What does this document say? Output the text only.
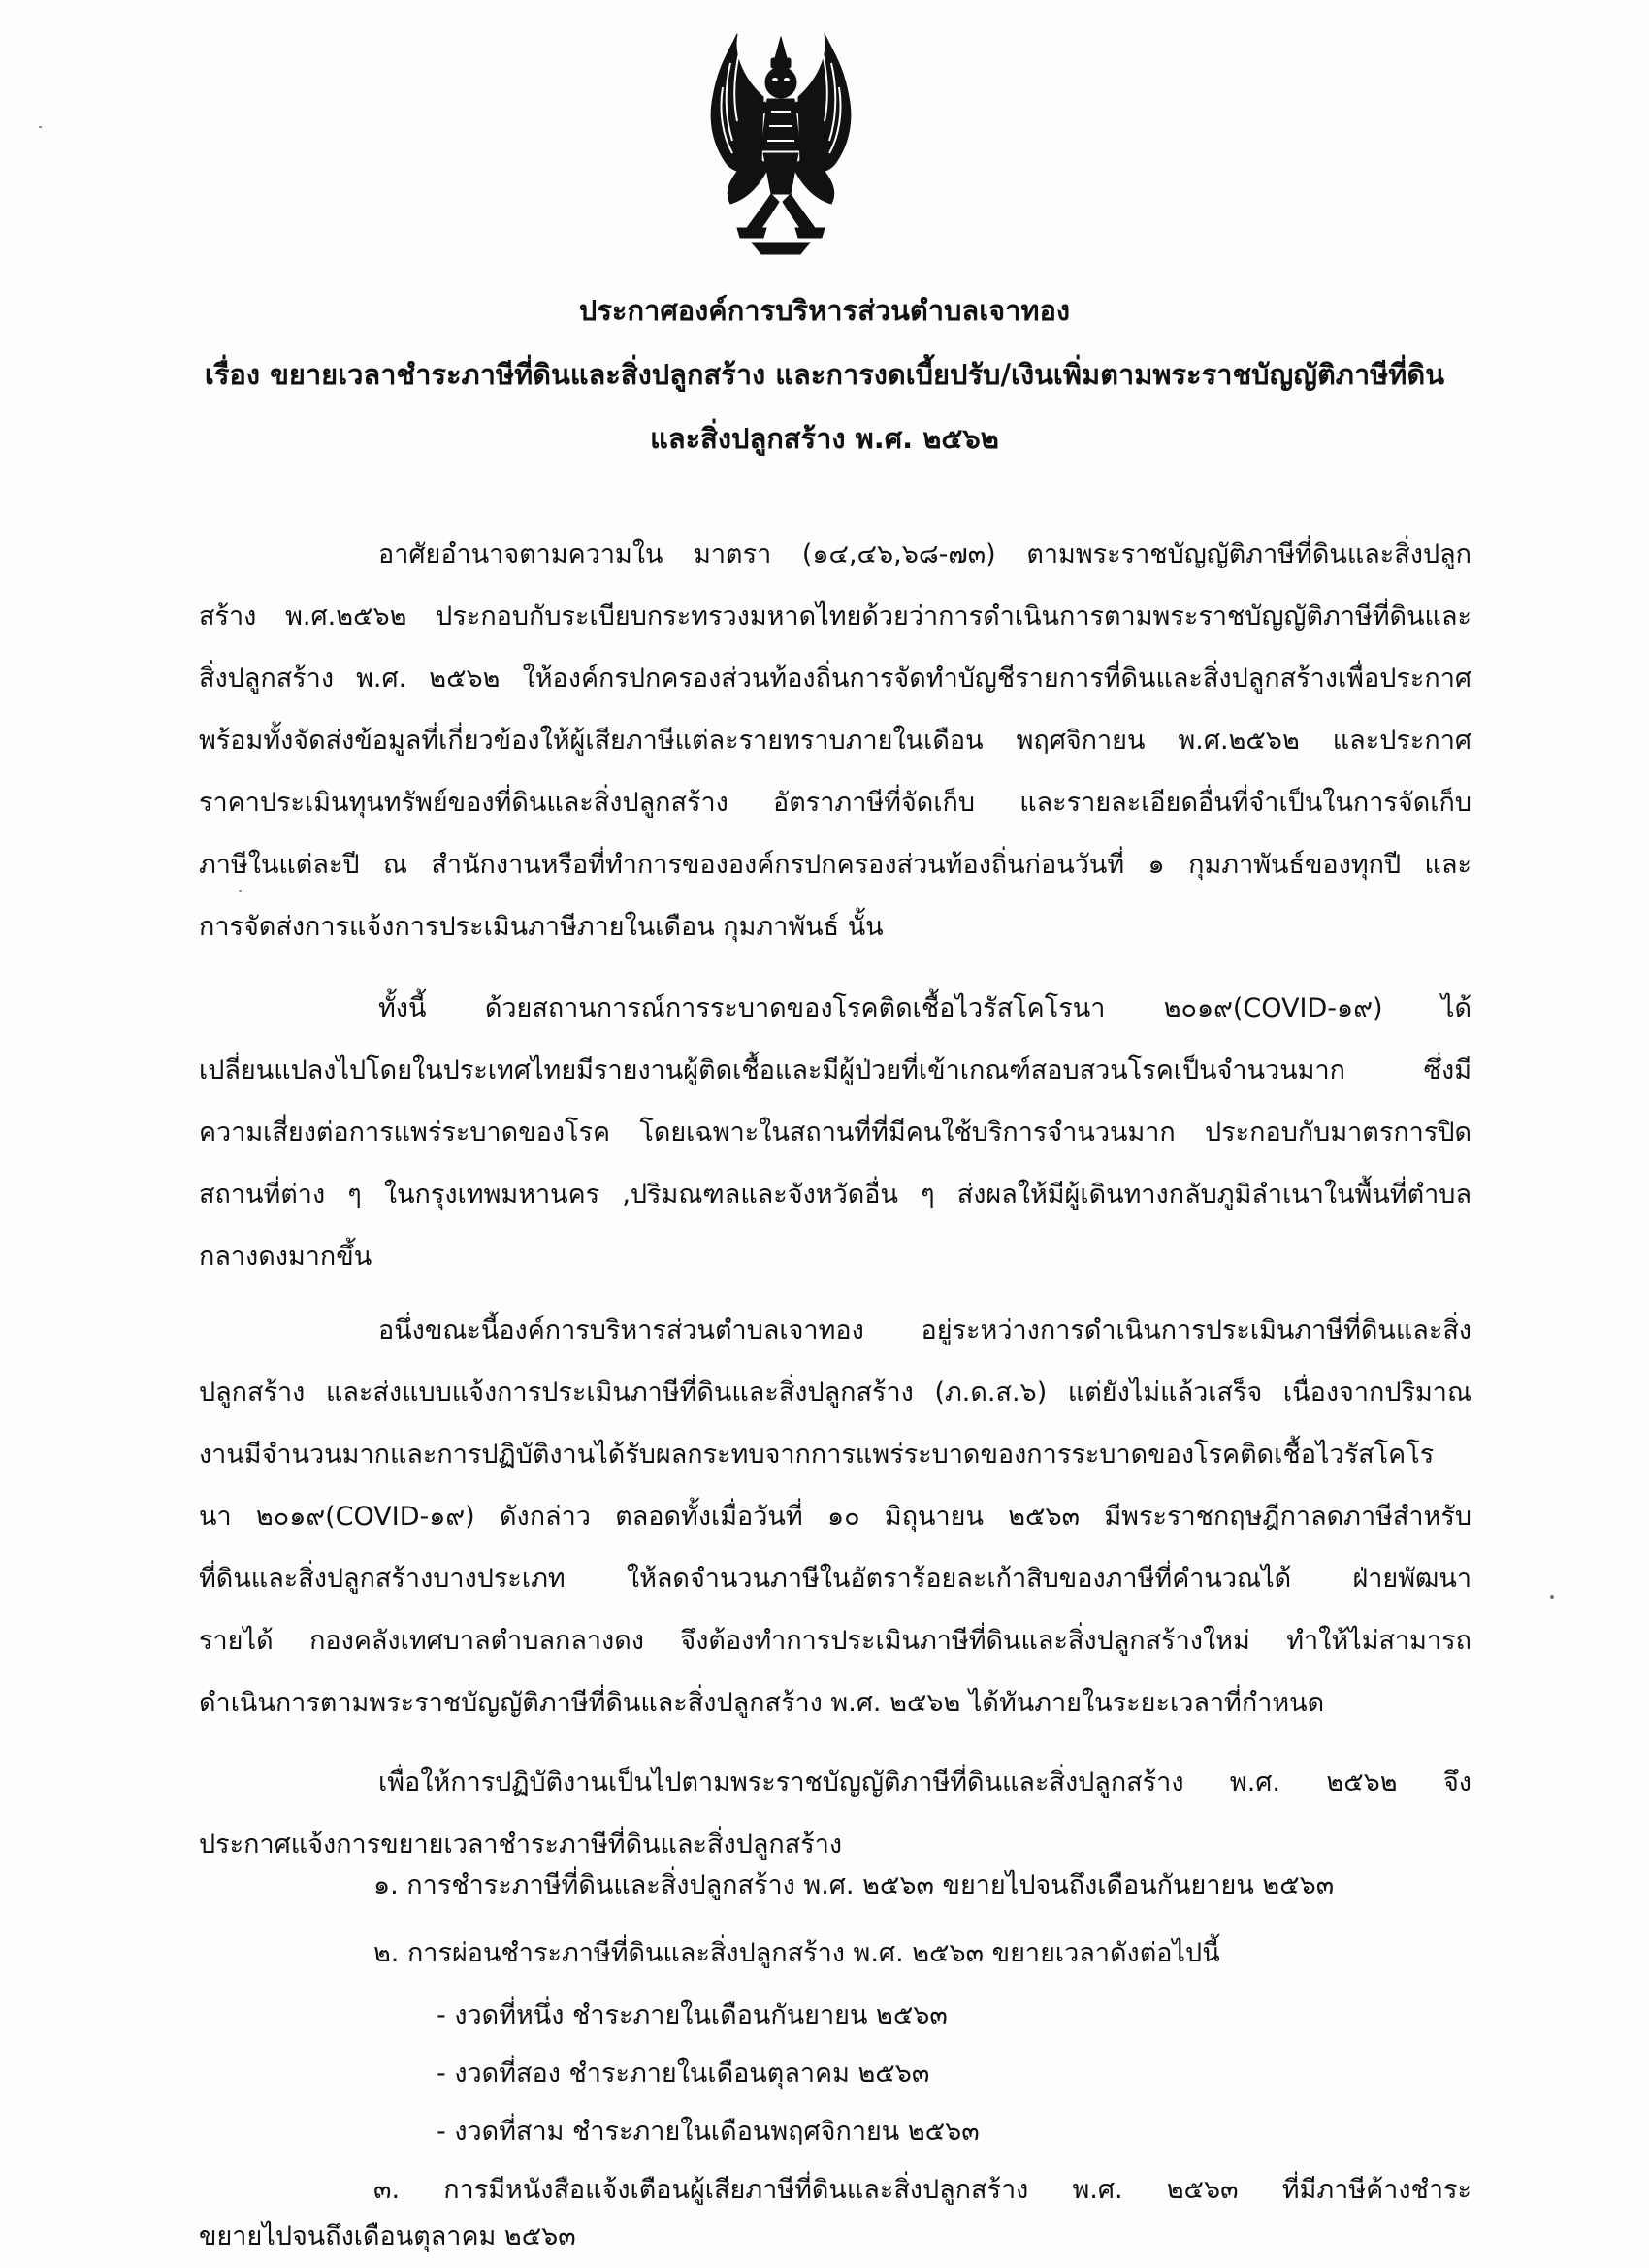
ประกาศองค์การบริหารส่วนตำบลเจาทอง
เรื่อง ขยายเวลาชำระภาษีที่ดินและสิ่งปลูกสร้าง และการงดเบี้ยปรับ/เงินเพิ่มตามพระราชบัญญัติภาษีที่ดิน
และสิ่งปลูกสร้าง พ.ศ. ๒๕๖๒
อาศัยอำนาจตามความใน มาตรา (๑๔,๔๖,๖๘-๗๓) ตามพระราชบัญญัติภาษีที่ดินและสิ่งปลูก
สร้าง พ.ศ.๒๕๖๒ ประกอบกับระเบียบกระทรวงมหาดไทยด้วยว่าการดำเนินการตามพระราชบัญญัติภาษีที่ดินและ
สิ่งปลูกสร้าง พ.ศ. ๒๕๖๒ ให้องค์กรปกครองส่วนท้องถิ่นการจัดทำบัญชีรายการที่ดินและสิ่งปลูกสร้างเพื่อประกาศ
พร้อมทั้งจัดส่งข้อมูลที่เกี่ยวข้องให้ผู้เสียภาษีแต่ละรายทราบภายในเดือน พฤศจิกายน พ.ศ.๒๕๖๒ และประกาศ
ราคาประเมินทุนทรัพย์ของที่ดินและสิ่งปลูกสร้าง อัตราภาษีที่จัดเก็บ และรายละเอียดอื่นที่จำเป็นในการจัดเก็บ
ภาษีในแต่ละปี ณ สำนักงานหรือที่ทำการขององค์กรปกครองส่วนท้องถิ่นก่อนวันที่ ๑ กุมภาพันธ์ของทุกปี และ
การจัดส่งการแจ้งการประเมินภาษีภายในเดือน กุมภาพันธ์ นั้น
ทั้งนี้ ด้วยสถานการณ์การระบาดของโรคติดเชื้อไวรัสโคโรนา ๒๐๑๙(COVID-๑๙) ได้
เปลี่ยนแปลงไปโดยในประเทศไทยมีรายงานผู้ติดเชื้อและมีผู้ป่วยที่เข้าเกณฑ์สอบสวนโรคเป็นจำนวนมาก ซึ่งมี
ความเสี่ยงต่อการแพร่ระบาดของโรค โดยเฉพาะในสถานที่ที่มีคนใช้บริการจำนวนมาก ประกอบกับมาตรการปิด
สถานที่ต่าง ๆ ในกรุงเทพมหานคร ,ปริมณฑลและจังหวัดอื่น ๆ ส่งผลให้มีผู้เดินทางกลับภูมิลำเนาในพื้นที่ตำบล
กลางดงมากขึ้น
อนึ่งขณะนี้องค์การบริหารส่วนตำบลเจาทอง อยู่ระหว่างการดำเนินการประเมินภาษีที่ดินและสิ่ง
ปลูกสร้าง และส่งแบบแจ้งการประเมินภาษีที่ดินและสิ่งปลูกสร้าง (ภ.ด.ส.๖) แต่ยังไม่แล้วเสร็จ เนื่องจากปริมาณ
งานมีจำนวนมากและการปฏิบัติงานได้รับผลกระทบจากการแพร่ระบาดของการระบาดของโรคติดเชื้อไวรัสโคโร
นา ๒๐๑๙(COVID-๑๙) ดังกล่าว ตลอดทั้งเมื่อวันที่ ๑๐ มิถุนายน ๒๕๖๓ มีพระราชกฤษฎีกาลดภาษีสำหรับ
ที่ดินและสิ่งปลูกสร้างบางประเภท ให้ลดจำนวนภาษีในอัตราร้อยละเก้าสิบของภาษีที่คำนวณได้ ฝ่ายพัฒนา
รายได้ กองคลังเทศบาลตำบลกลางดง จึงต้องทำการประเมินภาษีที่ดินและสิ่งปลูกสร้างใหม่ ทำให้ไม่สามารถ
ดำเนินการตามพระราชบัญญัติภาษีที่ดินและสิ่งปลูกสร้าง พ.ศ. ๒๕๖๒ ได้ทันภายในระยะเวลาที่กำหนด
เพื่อให้การปฏิบัติงานเป็นไปตามพระราชบัญญัติภาษีที่ดินและสิ่งปลูกสร้าง พ.ศ. ๒๕๖๒ จึง
ประกาศแจ้งการขยายเวลาชำระภาษีที่ดินและสิ่งปลูกสร้าง
๑. การชำระภาษีที่ดินและสิ่งปลูกสร้าง พ.ศ. ๒๕๖๓ ขยายไปจนถึงเดือนกันยายน ๒๕๖๓
๒. การผ่อนชำระภาษีที่ดินและสิ่งปลูกสร้าง พ.ศ. ๒๕๖๓ ขยายเวลาดังต่อไปนี้
- งวดที่หนึ่ง ชำระภายในเดือนกันยายน ๒๕๖๓
- งวดที่สอง ชำระภายในเดือนตุลาคม ๒๕๖๓
- งวดที่สาม ชำระภายในเดือนพฤศจิกายน ๒๕๖๓
๓. การมีหนังสือแจ้งเตือนผู้เสียภาษีที่ดินและสิ่งปลูกสร้าง พ.ศ. ๒๕๖๓ ที่มีภาษีค้างชำระ
ขยายไปจนถึงเดือนตุลาคม ๒๕๖๓
